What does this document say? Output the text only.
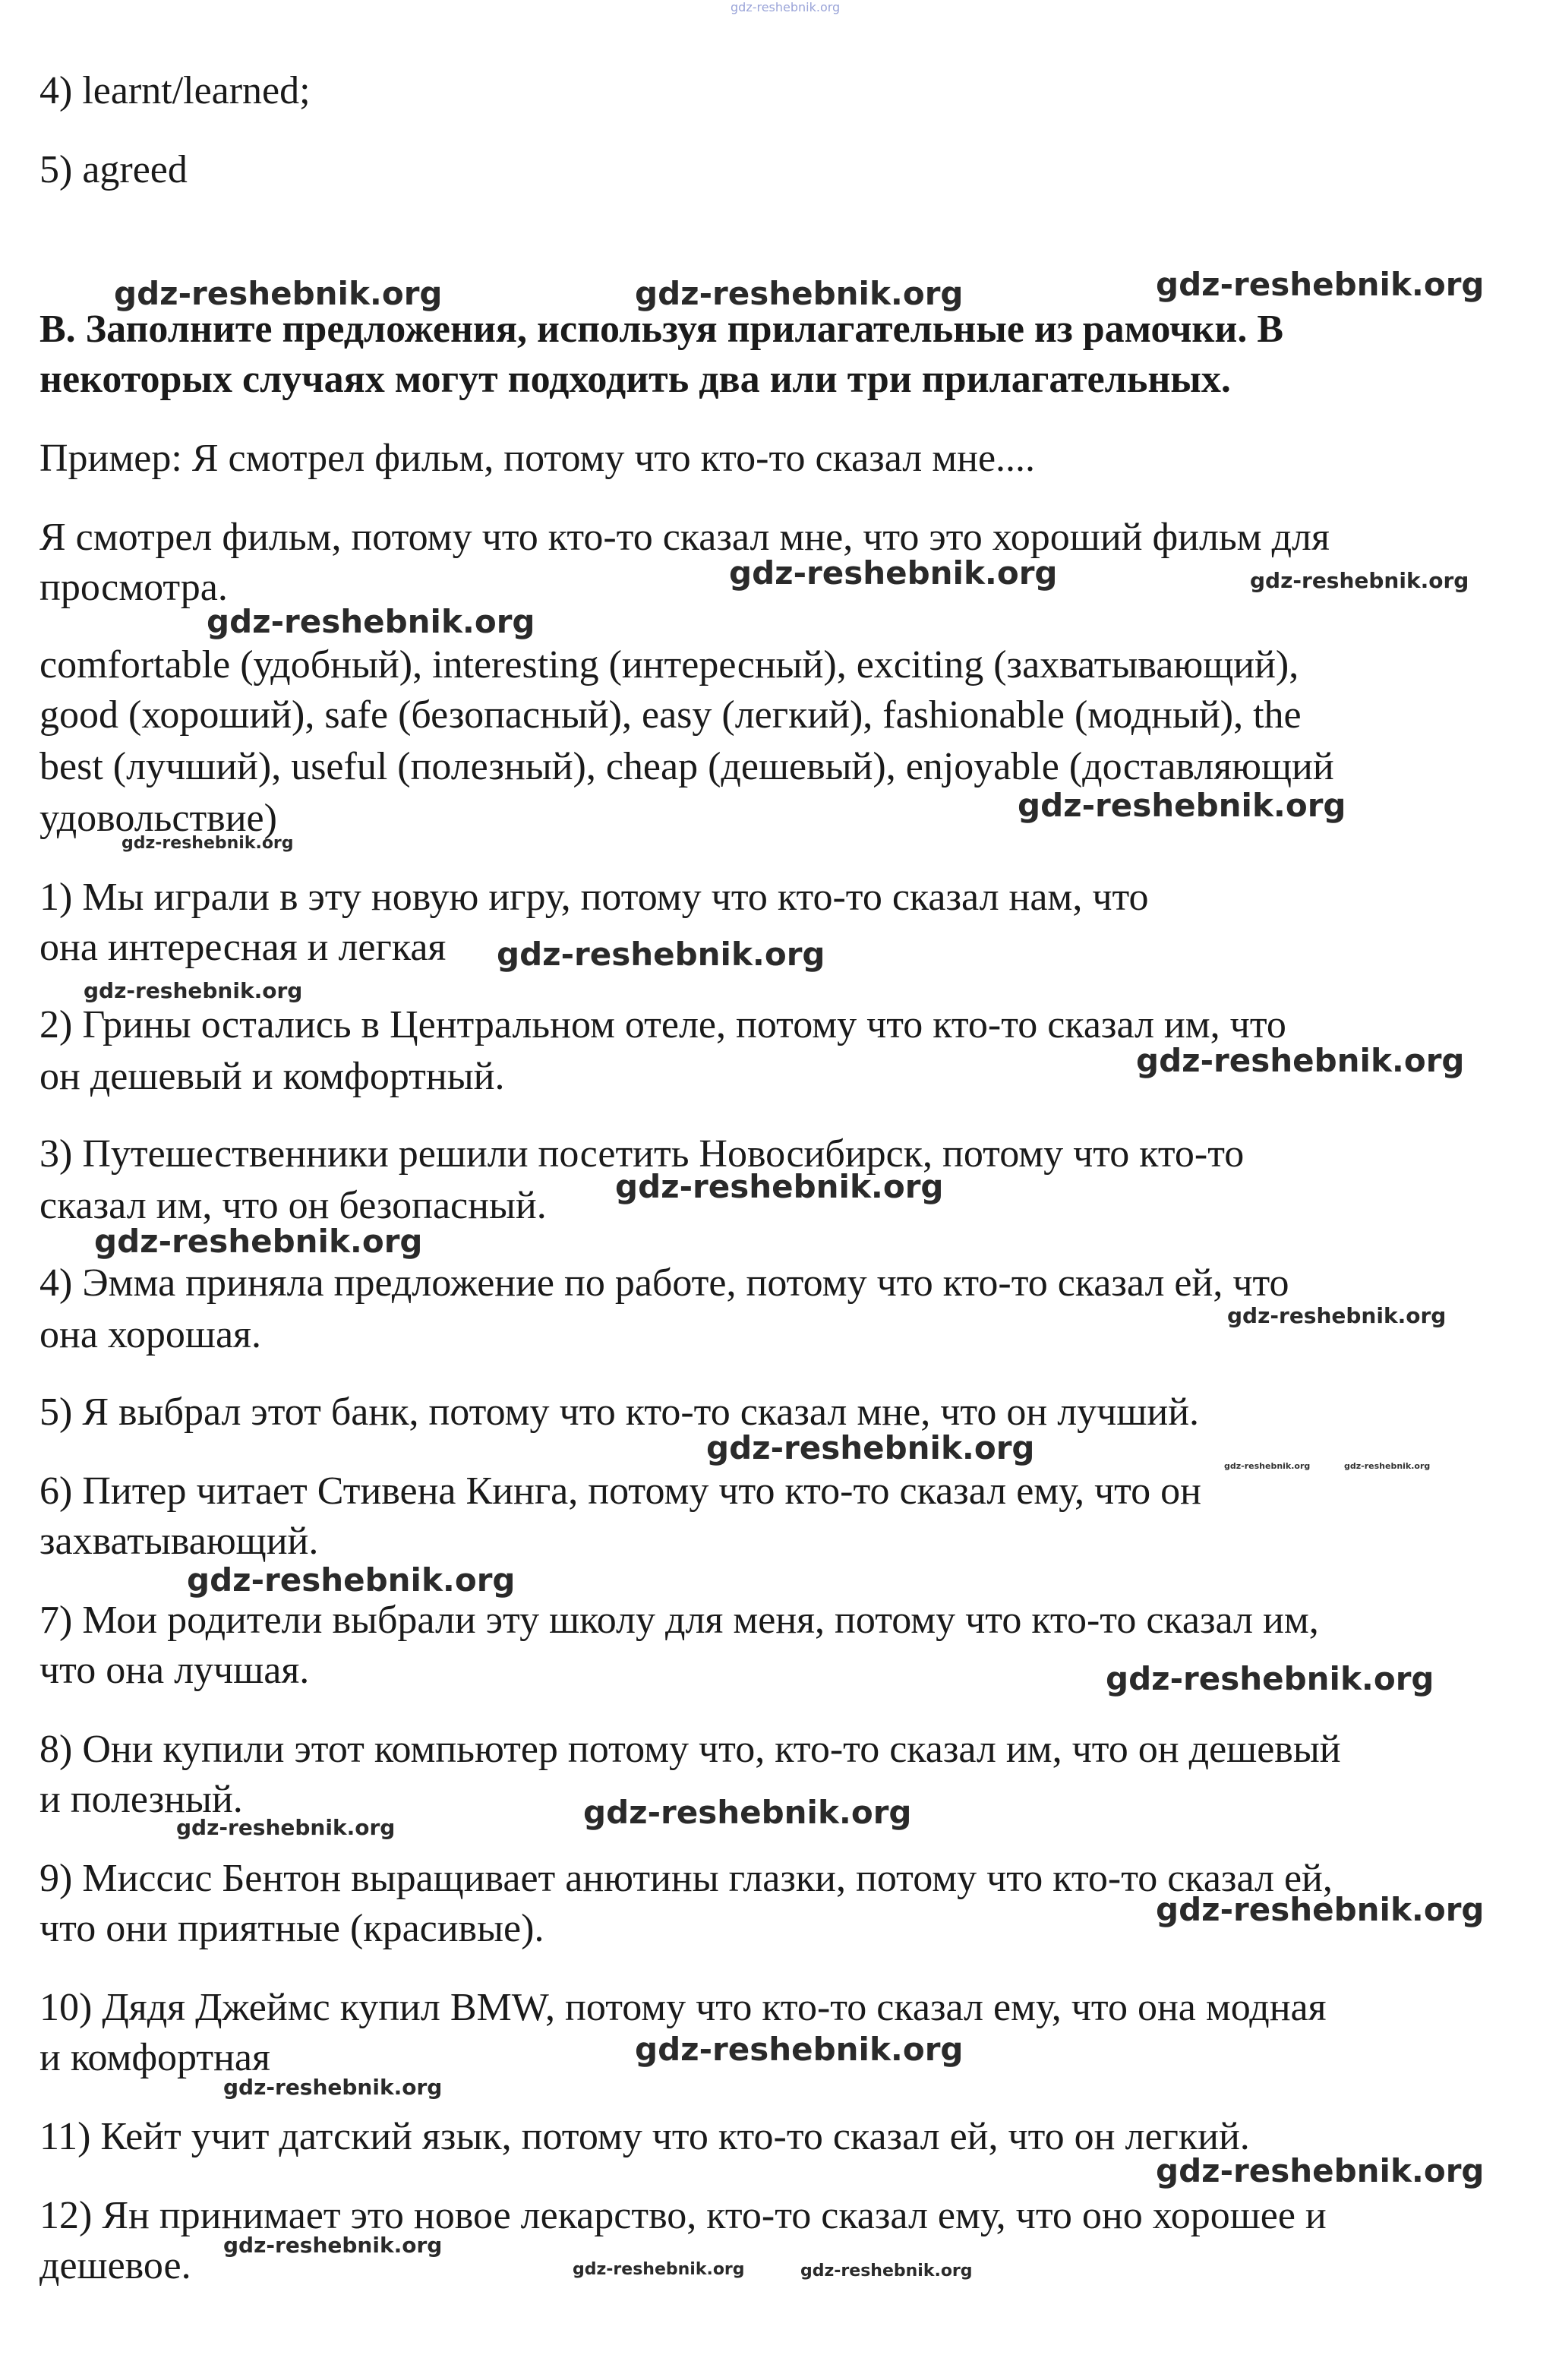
gdz-reshebnik.org
4) learnt/learned;
5) agreed
B. Заполните предложения, используя прилагательные из рамочки. В
некоторых случаях могут подходить два или три прилагательных.
Пример: Я смотрел фильм, потому что кто-то сказал мне....
Я смотрел фильм, потому что кто-то сказал мне, что это хороший фильм для
просмотра.
comfortable (удобный), interesting (интересный), exciting (захватывающий),
good (хороший), safe (безопасный), easy (легкий), fashionable (модный), the
best (лучший), useful (полезный), cheap (дешевый), enjoyable (доставляющий
удовольствие)
1) Мы играли в эту новую игру, потому что кто-то сказал нам, что
она интересная и легкая
2) Грины остались в Центральном отеле, потому что кто-то сказал им, что
он дешевый и комфортный.
3) Путешественники решили посетить Новосибирск, потому что кто-то
сказал им, что он безопасный.
4) Эмма приняла предложение по работе, потому что кто-то сказал ей, что
она хорошая.
5) Я выбрал этот банк, потому что кто-то сказал мне, что он лучший.
6) Питер читает Стивена Кинга, потому что кто-то сказал ему, что он
захватывающий.
7) Мои родители выбрали эту школу для меня, потому что кто-то сказал им,
что она лучшая.
8) Они купили этот компьютер потому что, кто-то сказал им, что он дешевый
и полезный.
9) Миссис Бентон выращивает анютины глазки, потому что кто-то сказал ей,
что они приятные (красивые).
10) Дядя Джеймс купил BMW, потому что кто-то сказал ему, что она модная
и комфортная
11) Кейт учит датский язык, потому что кто-то сказал ей, что он легкий.
12) Ян принимает это новое лекарство, кто-то сказал ему, что оно хорошее и
дешевое.
gdz-reshebnik.org	gdz-reshebnik.org	gdz-reshebnik.org
gdz-reshebnik.org	gdz-reshebnik.org
gdz-reshebnik.org
gdz-reshebnik.org
gdz-reshebnik.org
gdz-reshebnik.org
gdz-reshebnik.org
gdz-reshebnik.org
gdz-reshebnik.org
gdz-reshebnik.org
gdz-reshebnik.org
gdz-reshebnik.org	gdz-reshebnik.org	gdz-reshebnik.org
gdz-reshebnik.org
gdz-reshebnik.org
gdz-reshebnik.org
gdz-reshebnik.org
gdz-reshebnik.org
gdz-reshebnik.org
gdz-reshebnik.org
gdz-reshebnik.org
gdz-reshebnik.org
gdz-reshebnik.org	gdz-reshebnik.org
